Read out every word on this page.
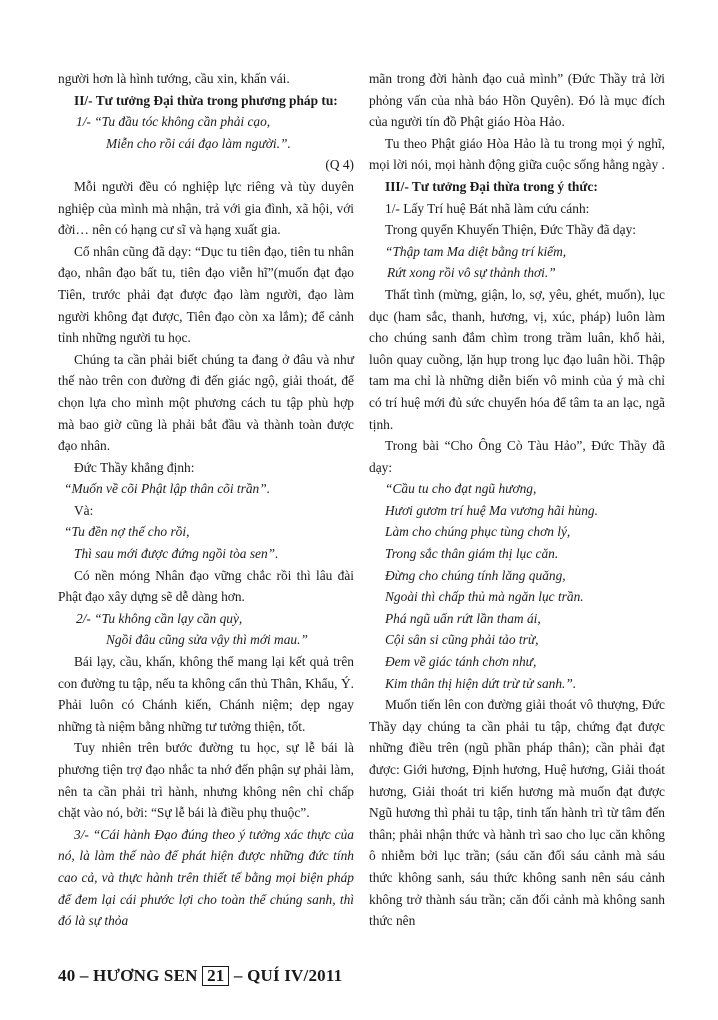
người hơn là hình tướng, cầu xin, khấn vái.

II/- Tư tưởng Đại thừa trong phương pháp tu:

1/- “Tu đầu tóc không cần phải cạo,

Miễn cho rồi cái đạo làm người.”.

(Q 4)

Mỗi người đều có nghiệp lực riêng và tùy duyên nghiệp của mình mà nhận, trả với gia đình, xã hội, với đời… nên có hạng cư sĩ và hạng xuất gia.

Cổ nhân cũng đã dạy: “Dục tu tiên đạo, tiên tu nhân đạo, nhân đạo bất tu, tiên đạo viễn hĩ”(muốn đạt đạo Tiên, trước phải đạt được đạo làm người, đạo làm người không đạt được, Tiên đạo còn xa lắm); để cảnh tỉnh những người tu học.

Chúng ta cần phải biết chúng ta đang ở đâu và như thế nào trên con đường đi đến giác ngộ, giải thoát, để chọn lựa cho mình một phương cách tu tập phù hợp mà bao giờ cũng là phải bắt đầu và thành toàn được đạo nhân.

Đức Thầy khẳng định:

“Muốn về cõi Phật lập thân cõi trần”.

Và:

“Tu đền nợ thế cho rồi,

Thì sau mới được đứng ngồi tòa sen”.

Có nền móng Nhân đạo vững chắc rồi thì lâu đài Phật đạo xây dựng sẽ dễ dàng hơn.

2/- “Tu không cần lạy cần quỳ,

Ngồi đâu cũng sửa vậy thì mới mau.”

Bái lạy, cầu, khấn, không thể mang lại kết quả trên con đường tu tập, nếu ta không cẩn thủ Thân, Khẩu, Ý. Phải luôn có Chánh kiến, Chánh niệm; dẹp ngay những tà niệm bằng những tư tưởng thiện, tốt.

Tuy nhiên trên bước đường tu học, sự lễ bái là phương tiện trợ đạo nhắc ta nhớ đến phận sự phải làm, nên ta cần phải trì hành, nhưng không nên chỉ chấp chặt vào nó, bởi: “Sự lễ bái là điều phụ thuộc”.

3/- “Cái hành Đạo đúng theo ý tưởng xác thực của nó, là làm thế nào để phát hiện được những đức tính cao cả, và thực hành trên thiết tế bằng mọi biện pháp để đem lại cái phước lợi cho toàn thể chúng sanh, thì đó là sự thỏa

mãn trong đời hành đạo cuả mình” (Đức Thầy trả lời phỏng vấn của nhà báo Hồn Quyên). Đó là mục đích của người tín đồ Phật giáo Hòa Hảo.

Tu theo Phật giáo Hòa Hảo là tu trong mọi ý nghĩ, mọi lời nói, mọi hành động giữa cuộc sống hằng ngày .

III/- Tư tưởng Đại thừa trong ý thức:

1/- Lấy Trí huệ Bát nhã làm cứu cánh:

Trong quyển Khuyến Thiện, Đức Thầy đã dạy:

“Thập tam Ma diệt bằng trí kiếm,

Rứt xong rồi vô sự thảnh thơi.”

Thất tình (mừng, giận, lo, sợ, yêu, ghét, muốn), lục dục (ham sắc, thanh, hương, vị, xúc, pháp) luôn làm cho chúng sanh đắm chìm trong trầm luân, khổ hải, luôn quay cuồng, lặn hụp trong lục đạo luân hồi. Thập tam ma chỉ là những diễn biến vô minh của ý mà chỉ có trí huệ mới đủ sức chuyển hóa để tâm ta an lạc, ngã tịnh.

Trong bài “Cho Ông Cò Tàu Hảo”, Đức Thầy đã dạy:

“Cầu tu cho đạt ngũ hương,

Hươi gươm trí huệ Ma vương hãi hùng.

Làm cho chúng phục tùng chơn lý,

Trong sắc thân giám thị lục căn.

Đừng cho chúng tính lăng quăng,

Ngoài thì chấp thủ mà ngăn lục trần.

Phá ngũ uẩn rứt lần tham ái,

Cội sân si cũng phải tảo trừ,

Đem về giác tánh chơn như,

Kim thân thị hiện dứt trừ tử sanh.”.

Muốn tiến lên con đường giải thoát vô thượng, Đức Thầy dạy chúng ta cần phải tu tập, chứng đạt được những điều trên (ngũ phần pháp thân); cần phải đạt được: Giới hương, Định hương, Huệ hương, Giải thoát hương, Giải thoát tri kiến hương mà muốn đạt được Ngũ hương thì phải tu tập, tinh tấn hành trì từ tâm đến thân; phải nhận thức và hành trì sao cho lục căn không ô nhiễm bởi lục trần; (sáu căn đối sáu cảnh mà sáu thức không sanh, sáu thức không sanh nên sáu cảnh không trở thành sáu trần; căn đối cảnh mà không sanh thức nên

40 – HƯƠNG SEN 21 – QUÍ IV/2011
